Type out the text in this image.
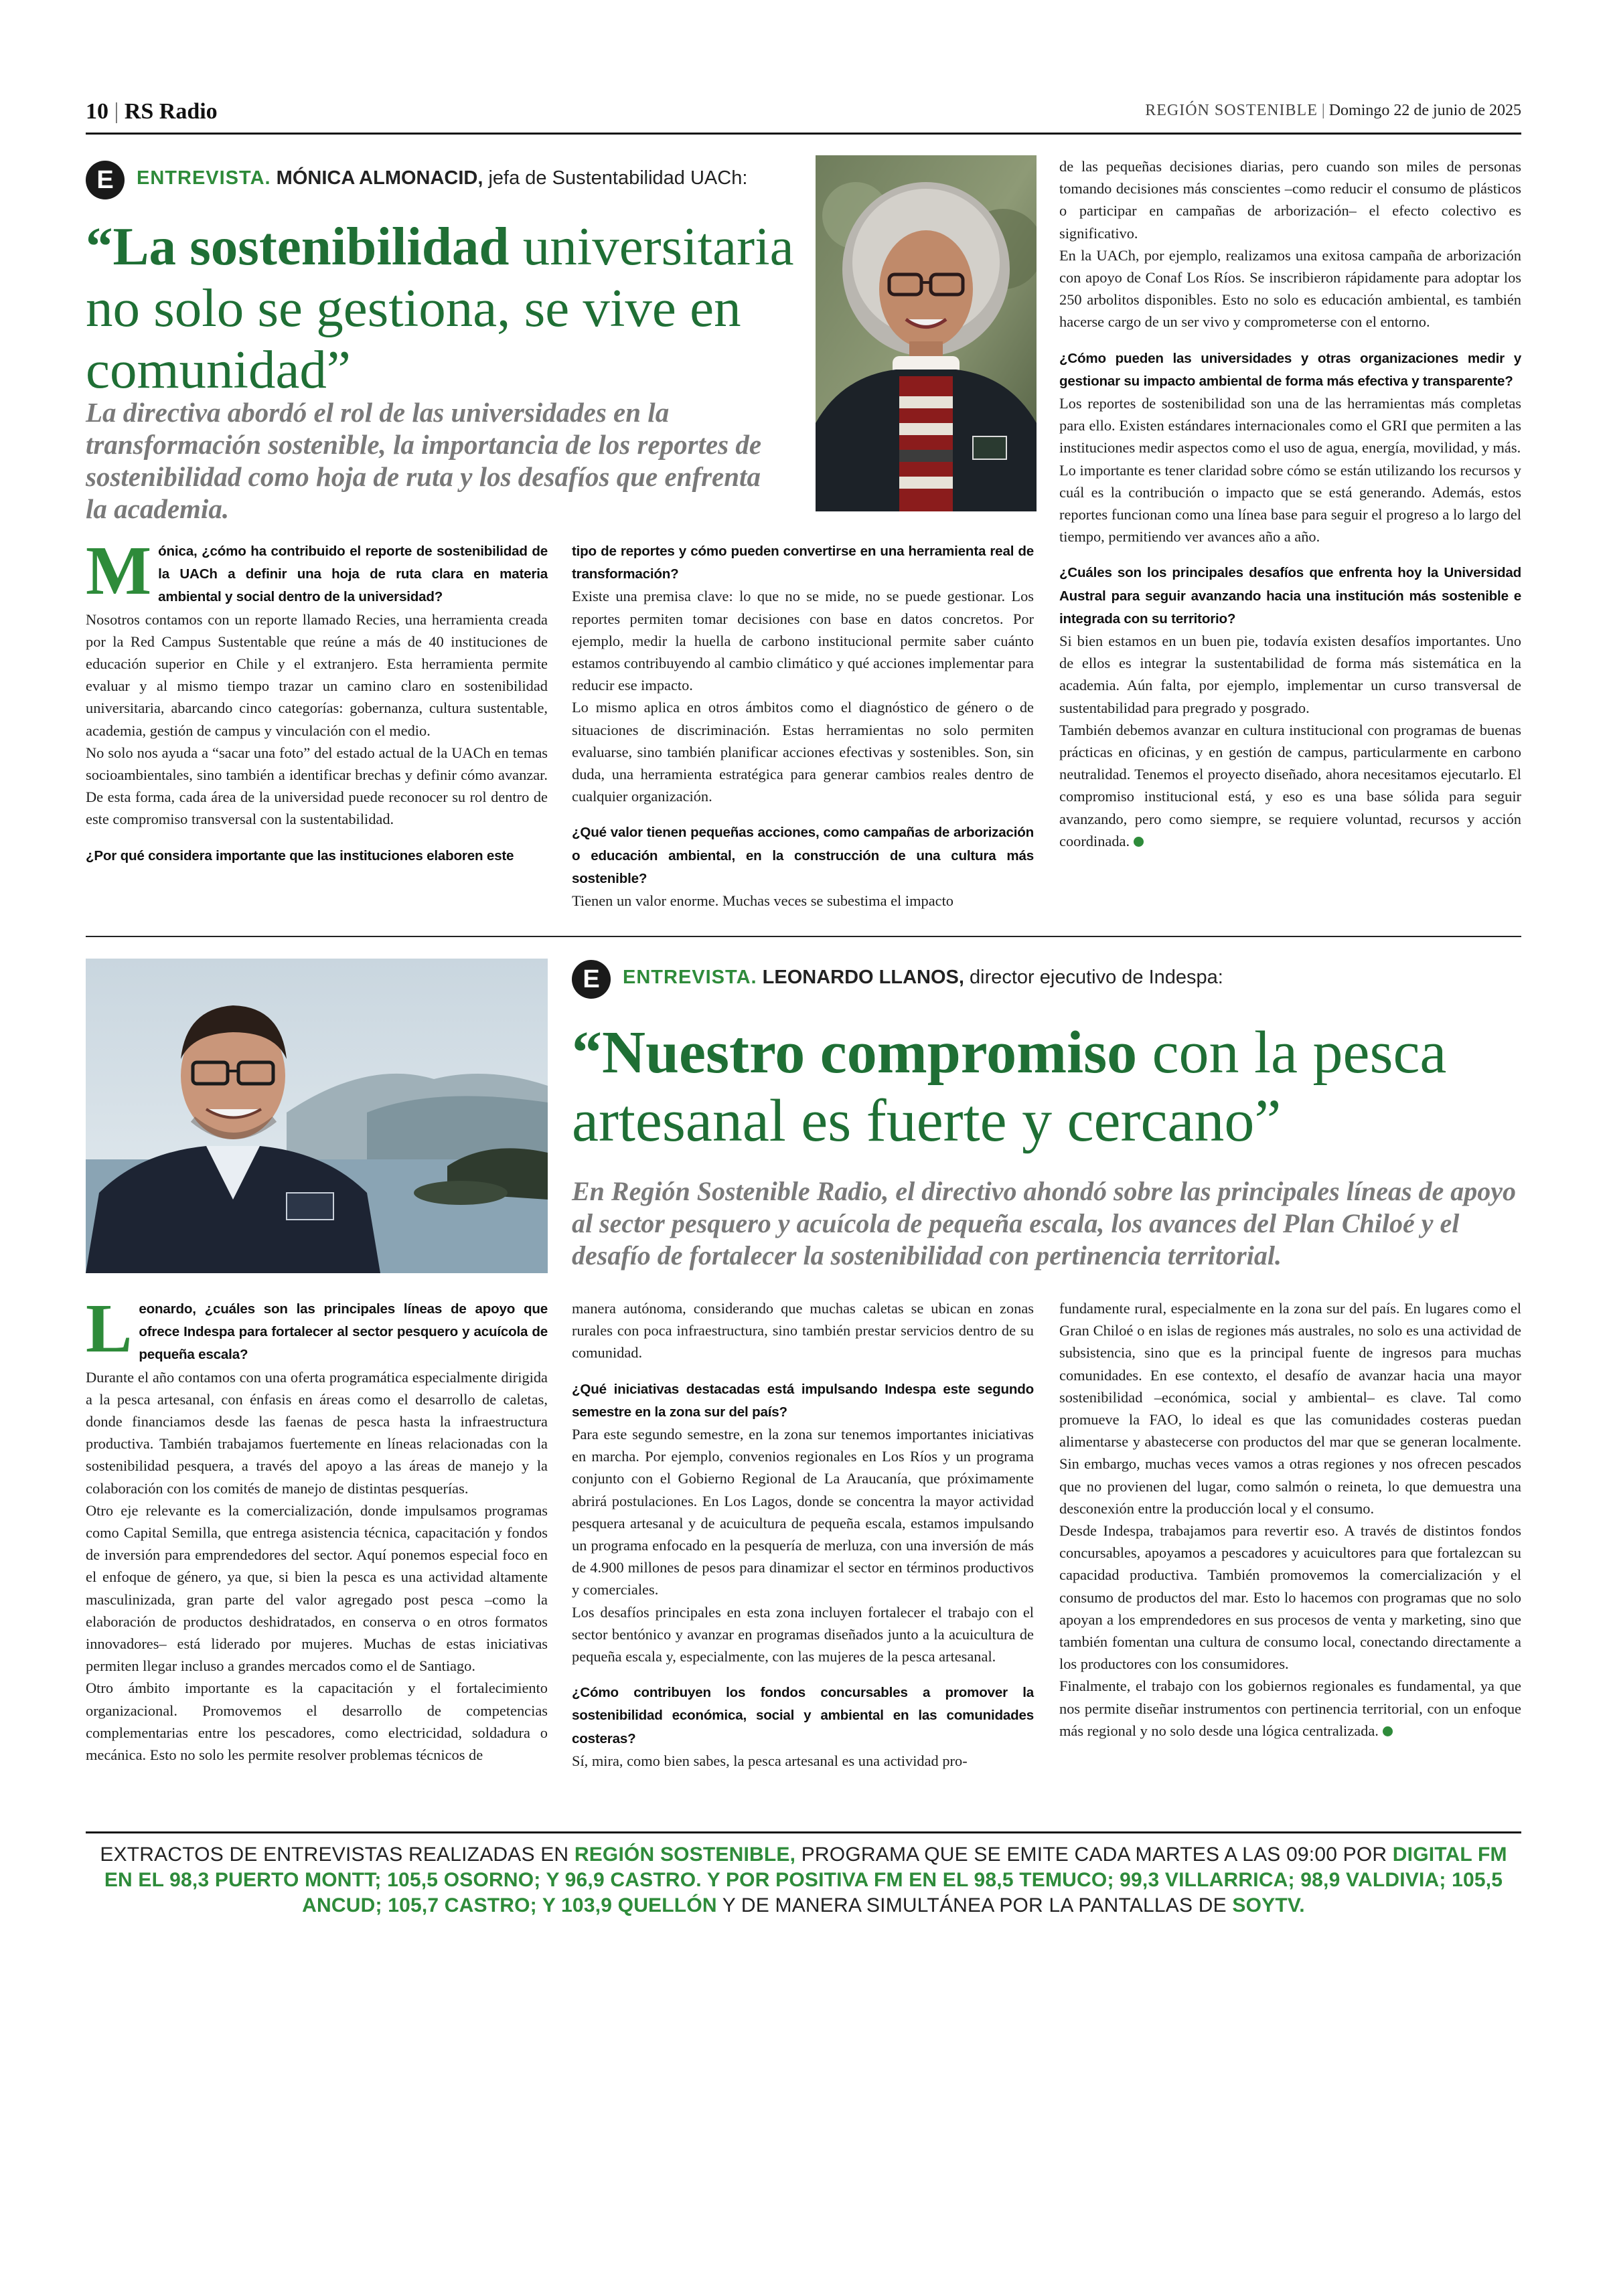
10 | RS Radio	REGIÓN SOSTENIBLE | Domingo 22 de junio de 2025
E	ENTREVISTA. MÓNICA ALMONACID, jefa de Sustentabilidad UACh:
“La sostenibilidad universitaria no solo se gestiona, se vive en comunidad”
La directiva abordó el rol de las universidades en la transformación sostenible, la importancia de los reportes de sostenibilidad como hoja de ruta y los desafíos que enfrenta la academia.
M ónica, ¿cómo ha contribuido el reporte de sostenibilidad de la UACh a definir una hoja de ruta clara en materia ambiental y social dentro de la universidad?

Nosotros contamos con un reporte llamado Recies, una herramienta creada por la Red Campus Sustentable que reúne a más de 40 instituciones de educación superior en Chile y el extranjero. Esta herramienta permite evaluar y al mismo tiempo trazar un camino claro en sostenibilidad universitaria, abarcando cinco categorías: gobernanza, cultura sustentable, academia, gestión de campus y vinculación con el medio.

No solo nos ayuda a “sacar una foto” del estado actual de la UACh en temas socioambientales, sino también a identificar brechas y definir cómo avanzar. De esta forma, cada área de la universidad puede reconocer su rol dentro de este compromiso transversal con la sustentabilidad.

¿Por qué considera importante que las instituciones elaboren este

tipo de reportes y cómo pueden convertirse en una herramienta real de transformación?

Existe una premisa clave: lo que no se mide, no se puede gestionar. Los reportes permiten tomar decisiones con base en datos concretos. Por ejemplo, medir la huella de carbono institucional permite saber cuánto estamos contribuyendo al cambio climático y qué acciones implementar para reducir ese impacto.

Lo mismo aplica en otros ámbitos como el diagnóstico de género o de situaciones de discriminación. Estas herramientas no solo permiten evaluarse, sino también planificar acciones efectivas y sostenibles. Son, sin duda, una herramienta estratégica para generar cambios reales dentro de cualquier organización.

¿Qué valor tienen pequeñas acciones, como campañas de arborización o educación ambiental, en la construcción de una cultura más sostenible?

Tienen un valor enorme. Muchas veces se subestima el impacto

de las pequeñas decisiones diarias, pero cuando son miles de personas tomando decisiones más conscientes –como reducir el consumo de plásticos o participar en campañas de arborización– el efecto colectivo es significativo.

En la UACh, por ejemplo, realizamos una exitosa campaña de arborización con apoyo de Conaf Los Ríos. Se inscribieron rápidamente para adoptar los 250 arbolitos disponibles. Esto no solo es educación ambiental, es también hacerse cargo de un ser vivo y comprometerse con el entorno.

¿Cómo pueden las universidades y otras organizaciones medir y gestionar su impacto ambiental de forma más efectiva y transparente?

Los reportes de sostenibilidad son una de las herramientas más completas para ello. Existen estándares internacionales como el GRI que permiten a las instituciones medir aspectos como el uso de agua, energía, movilidad, y más.

Lo importante es tener claridad sobre cómo se están utilizando los recursos y cuál es la contribución o impacto que se está generando. Además, estos reportes funcionan como una línea base para seguir el progreso a lo largo del tiempo, permitiendo ver avances año a año.

¿Cuáles son los principales desafíos que enfrenta hoy la Universidad Austral para seguir avanzando hacia una institución más sostenible e integrada con su territorio?

Si bien estamos en un buen pie, todavía existen desafíos importantes. Uno de ellos es integrar la sustentabilidad de forma más sistemática en la academia. Aún falta, por ejemplo, implementar un curso transversal de sustentabilidad para pregrado y posgrado.

También debemos avanzar en cultura institucional con programas de buenas prácticas en oficinas, y en gestión de campus, particularmente en carbono neutralidad. Tenemos el proyecto diseñado, ahora necesitamos ejecutarlo. El compromiso institucional está, y eso es una base sólida para seguir avanzando, pero como siempre, se requiere voluntad, recursos y acción coordinada.

E	ENTREVISTA. LEONARDO LLANOS, director ejecutivo de Indespa:
“Nuestro compromiso con la pesca artesanal es fuerte y cercano”
En Región Sostenible Radio, el directivo ahondó sobre las principales líneas de apoyo al sector pesquero y acuícola de pequeña escala, los avances del Plan Chiloé y el desafío de fortalecer la sostenibilidad con pertinencia territorial.
L eonardo, ¿cuáles son las principales líneas de apoyo que ofrece Indespa para fortalecer al sector pesquero y acuícola de pequeña escala?

Durante el año contamos con una oferta programática especialmente dirigida a la pesca artesanal, con énfasis en áreas como el desarrollo de caletas, donde financiamos desde las faenas de pesca hasta la infraestructura productiva. También trabajamos fuertemente en líneas relacionadas con la sostenibilidad pesquera, a través del apoyo a las áreas de manejo y la colaboración con los comités de manejo de distintas pesquerías.

Otro eje relevante es la comercialización, donde impulsamos programas como Capital Semilla, que entrega asistencia técnica, capacitación y fondos de inversión para emprendedores del sector. Aquí ponemos especial foco en el enfoque de género, ya que, si bien la pesca es una actividad altamente masculinizada, gran parte del valor agregado post pesca –como la elaboración de productos deshidratados, en conserva o en otros formatos innovadores– está liderado por mujeres. Muchas de estas iniciativas permiten llegar incluso a grandes mercados como el de Santiago.

Otro ámbito importante es la capacitación y el fortalecimiento organizacional. Promovemos el desarrollo de competencias complementarias entre los pescadores, como electricidad, soldadura o mecánica. Esto no solo les permite resolver problemas técnicos de

manera autónoma, considerando que muchas caletas se ubican en zonas rurales con poca infraestructura, sino también prestar servicios dentro de su comunidad.

¿Qué iniciativas destacadas está impulsando Indespa este segundo semestre en la zona sur del país?

Para este segundo semestre, en la zona sur tenemos importantes iniciativas en marcha. Por ejemplo, convenios regionales en Los Ríos y un programa conjunto con el Gobierno Regional de La Araucanía, que próximamente abrirá postulaciones. En Los Lagos, donde se concentra la mayor actividad pesquera artesanal y de acuicultura de pequeña escala, estamos impulsando un programa enfocado en la pesquería de merluza, con una inversión de más de 4.900 millones de pesos para dinamizar el sector en términos productivos y comerciales.

Los desafíos principales en esta zona incluyen fortalecer el trabajo con el sector bentónico y avanzar en programas diseñados junto a la acuicultura de pequeña escala y, especialmente, con las mujeres de la pesca artesanal.

¿Cómo contribuyen los fondos concursables a promover la sostenibilidad económica, social y ambiental en las comunidades costeras?

Sí, mira, como bien sabes, la pesca artesanal es una actividad pro-

fundamente rural, especialmente en la zona sur del país. En lugares como el Gran Chiloé o en islas de regiones más australes, no solo es una actividad de subsistencia, sino que es la principal fuente de ingresos para muchas comunidades. En ese contexto, el desafío de avanzar hacia una mayor sostenibilidad –económica, social y ambiental– es clave. Tal como promueve la FAO, lo ideal es que las comunidades costeras puedan alimentarse y abastecerse con productos del mar que se generan localmente. Sin embargo, muchas veces vamos a otras regiones y nos ofrecen pescados que no provienen del lugar, como salmón o reineta, lo que demuestra una desconexión entre la producción local y el consumo.

Desde Indespa, trabajamos para revertir eso. A través de distintos fondos concursables, apoyamos a pescadores y acuicultores para que fortalezcan su capacidad productiva. También promovemos la comercialización y el consumo de productos del mar. Esto lo hacemos con programas que no solo apoyan a los emprendedores en sus procesos de venta y marketing, sino que también fomentan una cultura de consumo local, conectando directamente a los productores con los consumidores.

Finalmente, el trabajo con los gobiernos regionales es fundamental, ya que nos permite diseñar instrumentos con pertinencia territorial, con un enfoque más regional y no solo desde una lógica centralizada.

EXTRACTOS DE ENTREVISTAS REALIZADAS EN REGIÓN SOSTENIBLE, PROGRAMA QUE SE EMITE CADA MARTES A LAS 09:00 POR DIGITAL FM EN EL 98,3 PUERTO MONTT; 105,5 OSORNO; Y 96,9 CASTRO. Y POR POSITIVA FM EN EL 98,5 TEMUCO; 99,3 VILLARRICA; 98,9 VALDIVIA; 105,5 ANCUD; 105,7 CASTRO; Y 103,9 QUELLÓN Y DE MANERA SIMULTÁNEA POR LA PANTALLAS DE SOYTV.
